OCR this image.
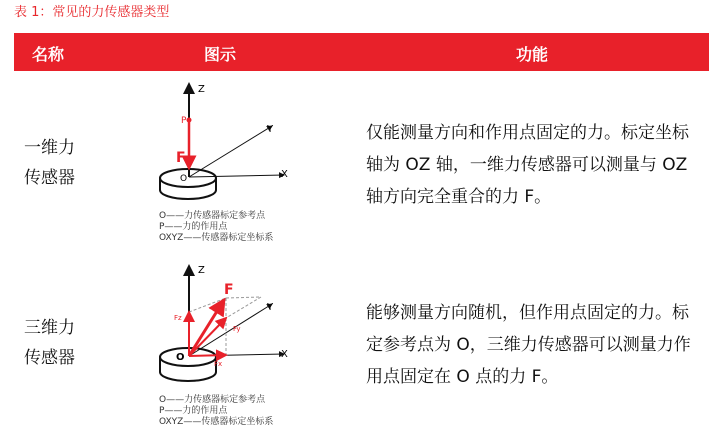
表 1：常见的力传感器类型
名称	图示	功能
一维力
传感器
Z
Y
X
P
F
O
O——力传感器标定参考点
P——力的作用点
OXYZ——传感器标定坐标系
仅能测量方向和作用点固定的力。标定坐标轴为 OZ 轴，一维力传感器可以测量与 OZ 轴方向完全重合的力 F。
三维力
传感器
Z
Y
X
F
Fz
Fy
Fx
O
O——力传感器标定参考点
P——力的作用点
OXYZ——传感器标定坐标系
能够测量方向随机，但作用点固定的力。标定参考点为 O，三维力传感器可以测量力作用点固定在 O 点的力 F。
